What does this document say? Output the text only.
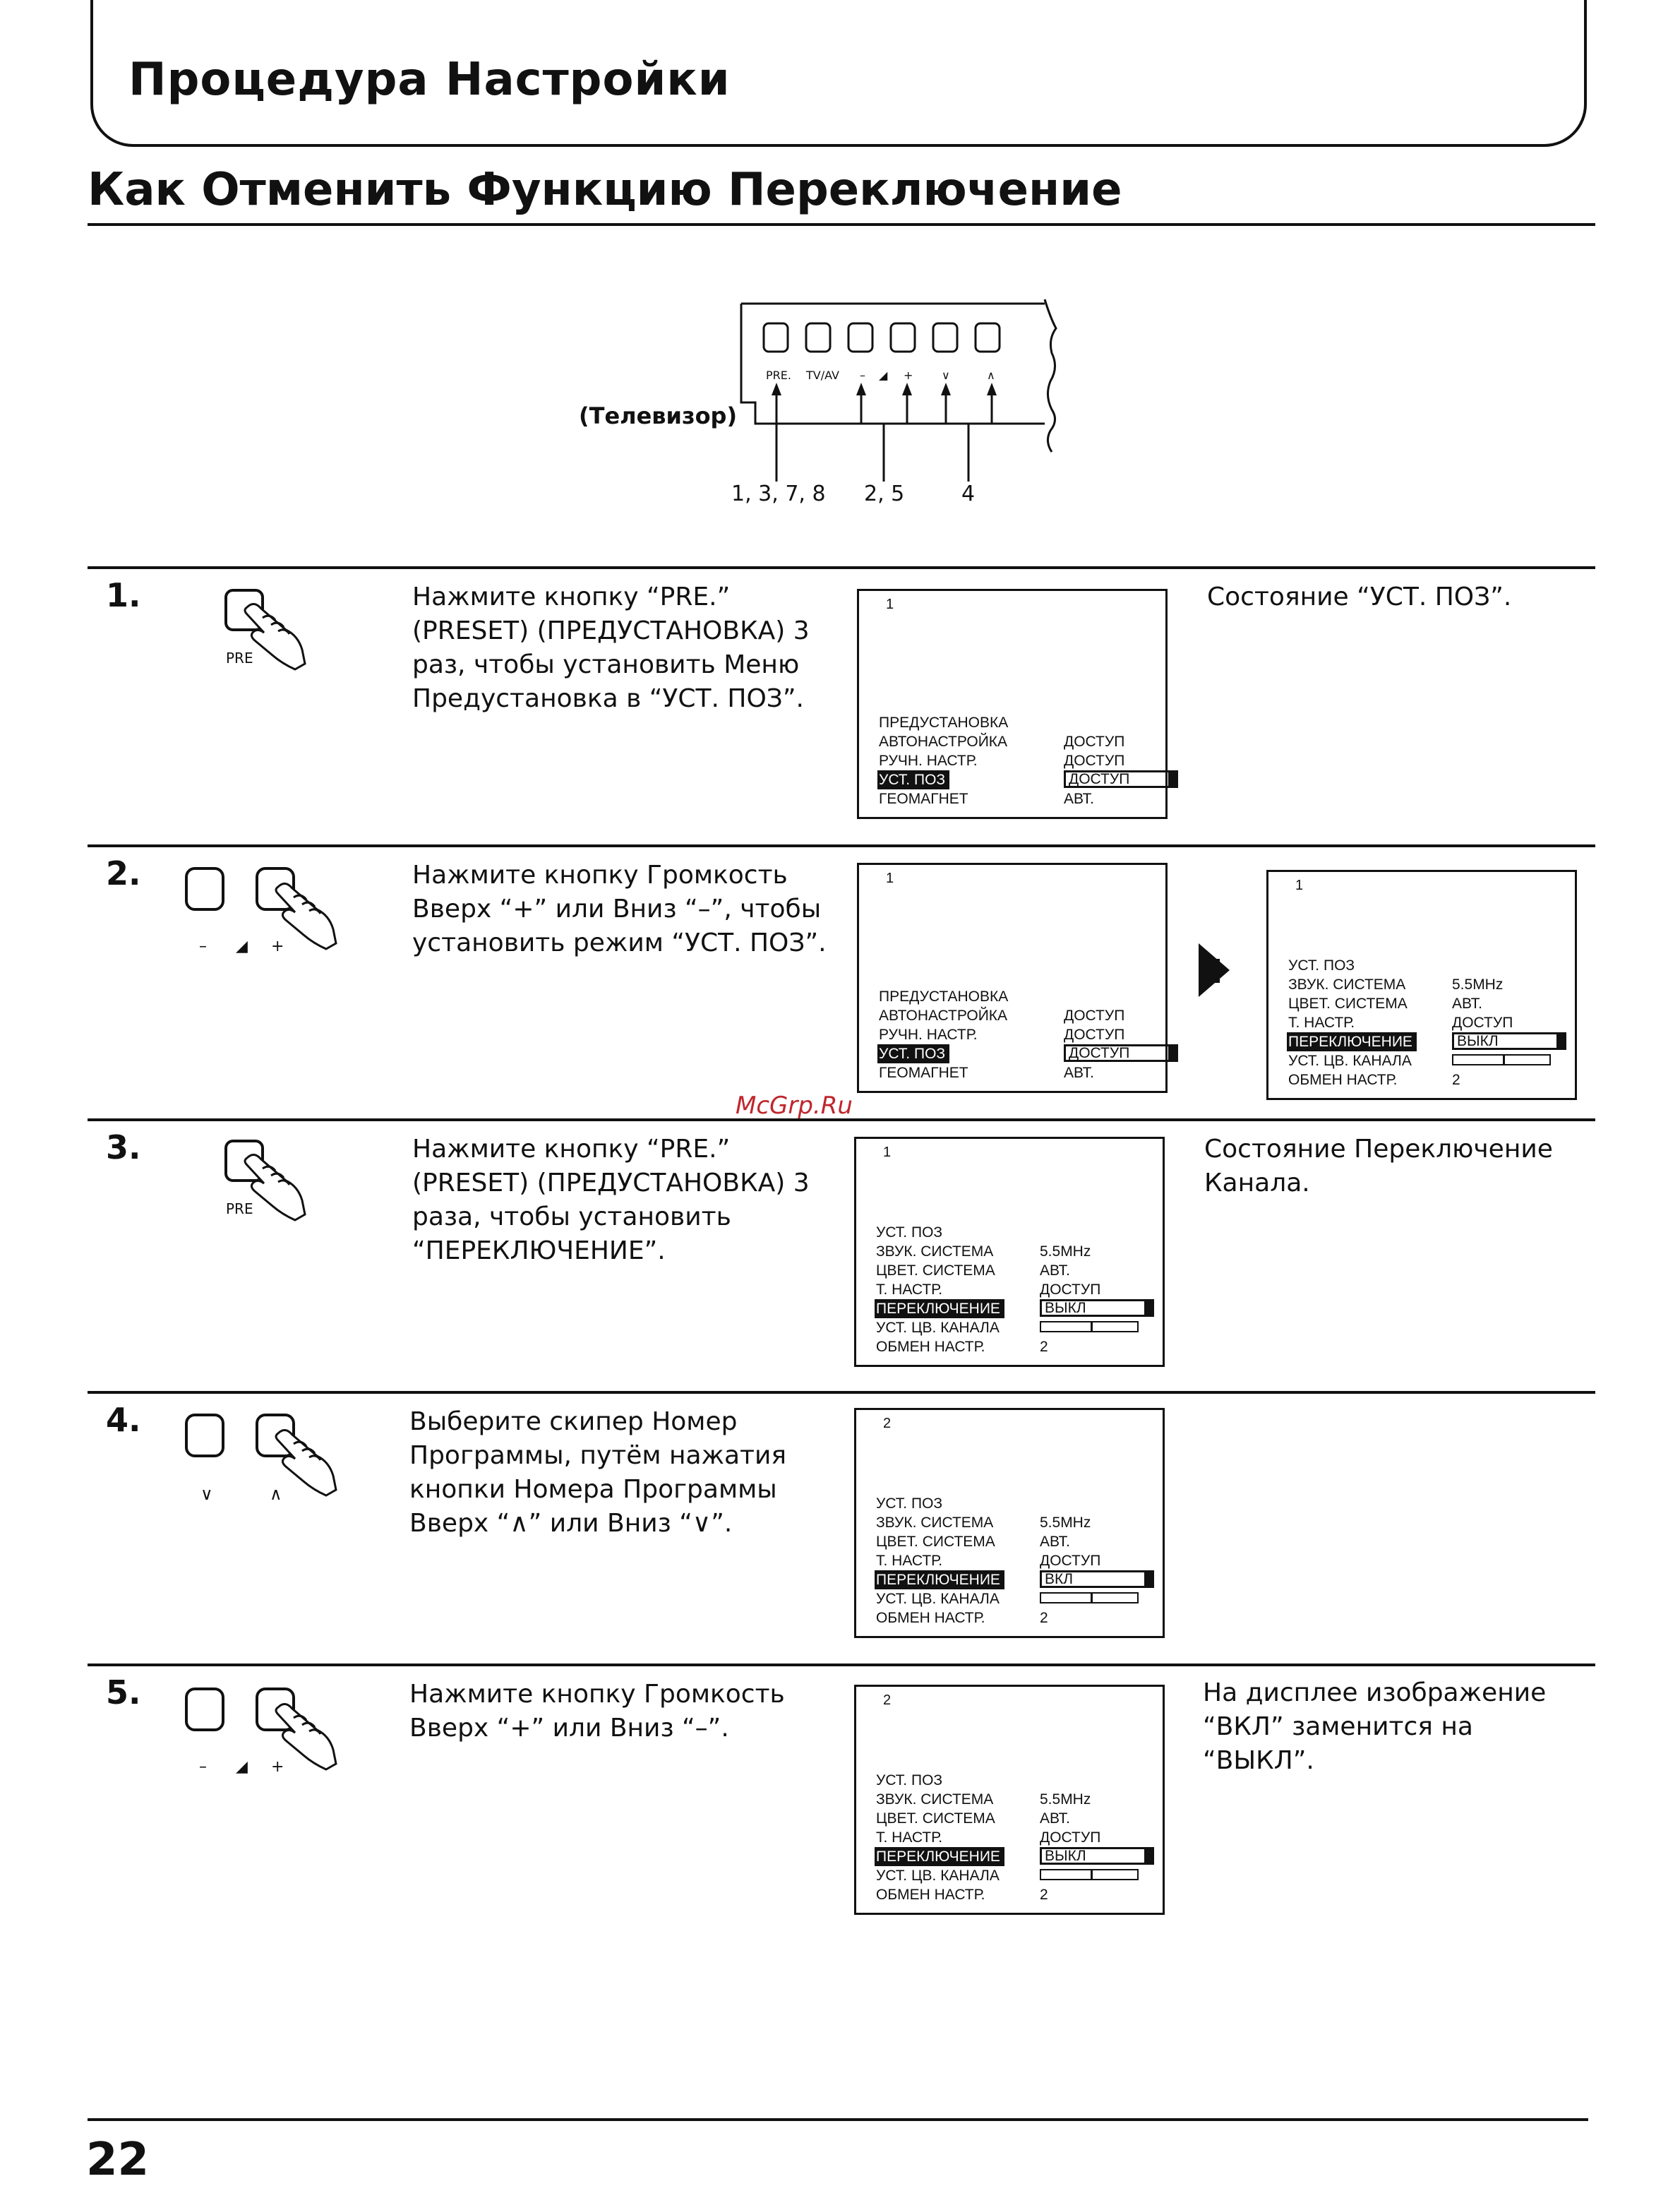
Процедура Настройки
Как Отменить Функцию Переключение
PRE. TV/AV – ◢ +	∨	∧
1, 3, 7, 8 2, 5	4
(Телевизор)
1.
PRE
Нажмите кнопку “PRE.” (PRESET) (ПРЕДУСТАНОВКА) 3 раз, чтобы установить Меню Предустановка в “УСТ. ПОЗ”.
1
ПРЕДУСТАНОВКА
АВТОНАСТРОЙКА	ДОСТУП
РУЧН. НАСТР.	ДОСТУП
УСТ. ПОЗ	ДОСТУП
ГЕОМАГНЕТ	АВТ.
Состояние “УСТ. ПОЗ”.
2.
– ◢ +
Нажмите кнопку Громкость Вверх “+” или Вниз “–”, чтобы установить режим “УСТ. ПОЗ”.
1
ПРЕДУСТАНОВКА
АВТОНАСТРОЙКА	ДОСТУП
РУЧН. НАСТР.	ДОСТУП
УСТ. ПОЗ	ДОСТУП
ГЕОМАГНЕТ	АВТ.
1
УСТ. ПОЗ
ЗВУК. СИСТЕМА	5.5MHz
ЦВЕТ. СИСТЕМА	АВТ.
Т. НАСТР.	ДОСТУП
ПЕРЕКЛЮЧЕНИЕ	ВЫКЛ
УСТ. ЦВ. КАНАЛА
ОБМЕН НАСТР.	2
3.
PRE
Нажмите кнопку “PRE.” (PRESET) (ПРЕДУСТАНОВКА) 3 раза, чтобы установить “ПЕРЕКЛЮЧЕНИЕ”.
1
УСТ. ПОЗ
ЗВУК. СИСТЕМА	5.5MHz
ЦВЕТ. СИСТЕМА	АВТ.
Т. НАСТР.	ДОСТУП
ПЕРЕКЛЮЧЕНИЕ	ВЫКЛ
УСТ. ЦВ. КАНАЛА
ОБМЕН НАСТР.	2
Состояние Переключение Канала.
4.
∨	∧
Выберите скипер Номер Программы, путём нажатия кнопки Номера Программы Вверх “∧” или Вниз “∨”.
2
УСТ. ПОЗ
ЗВУК. СИСТЕМА	5.5MHz
ЦВЕТ. СИСТЕМА	АВТ.
Т. НАСТР.	ДОСТУП
ПЕРЕКЛЮЧЕНИЕ	ВКЛ
УСТ. ЦВ. КАНАЛА
ОБМЕН НАСТР.	2
5.
– ◢ +
Нажмите кнопку Громкость Вверх “+” или Вниз “–”.
2
УСТ. ПОЗ
ЗВУК. СИСТЕМА	5.5MHz
ЦВЕТ. СИСТЕМА	АВТ.
Т. НАСТР.	ДОСТУП
ПЕРЕКЛЮЧЕНИЕ	ВЫКЛ
УСТ. ЦВ. КАНАЛА
ОБМЕН НАСТР.	2
На дисплее изображение “ВКЛ” заменится на “ВЫКЛ”.
McGrp.Ru
22
